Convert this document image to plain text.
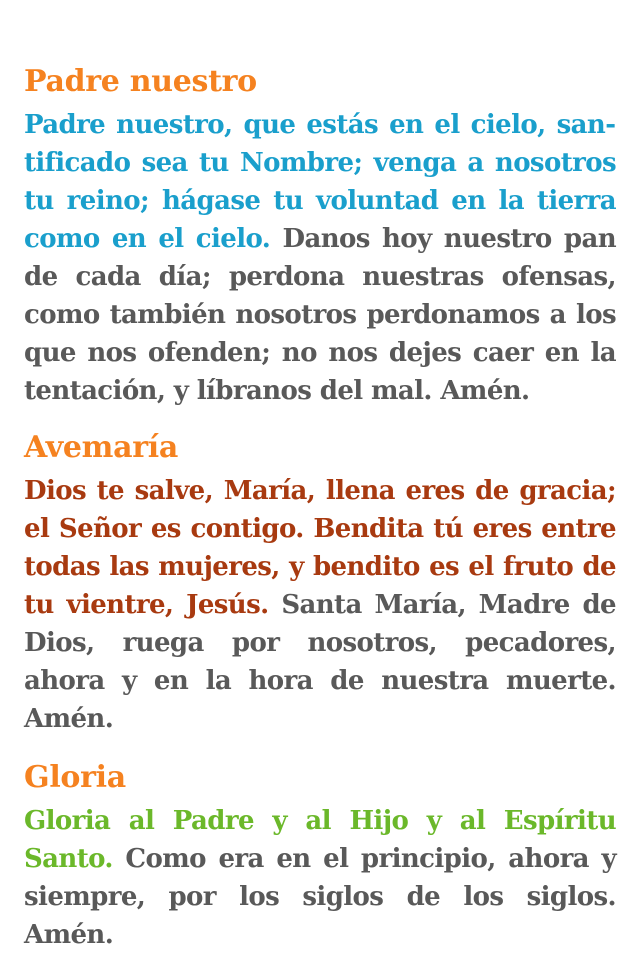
Padre nuestro

Padre nuestro, que estás en el cielo, santificado sea tu Nombre; venga a nosotros tu reino; hágase tu voluntad en la tierra como en el cielo. Danos hoy nuestro pan de cada día; perdona nuestras ofensas, como también nosotros perdonamos a los que nos ofenden; no nos dejes caer en la tentación, y líbranos del mal. Amén.

Avemaría

Dios te salve, María, llena eres de gracia; el Señor es contigo. Bendita tú eres entre todas las mujeres, y bendito es el fruto de tu vientre, Jesús. Santa María, Madre de Dios, ruega por nosotros, pecadores, ahora y en la hora de nuestra muerte. Amén.

Gloria

Gloria al Padre y al Hijo y al Espíritu Santo. Como era en el principio, ahora y siempre, por los siglos de los siglos. Amén.
